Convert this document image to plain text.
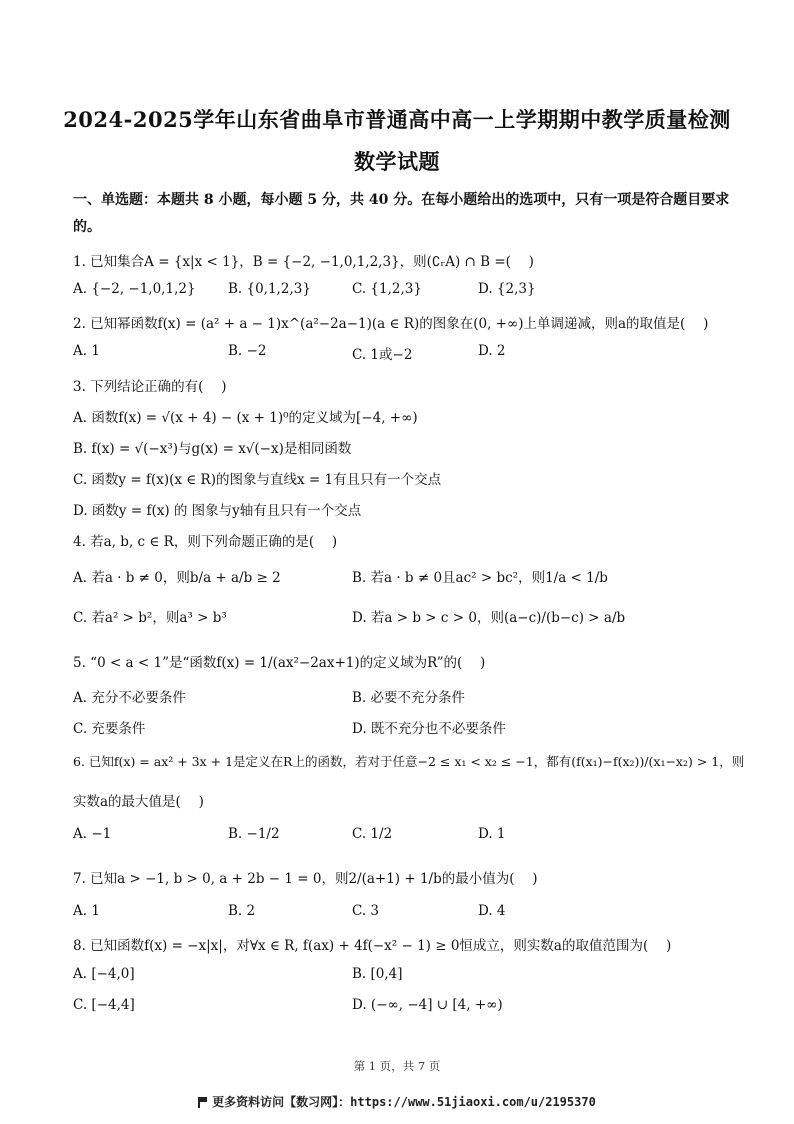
2024-2025学年山东省曲阜市普通高中高一上学期期中教学质量检测
数学试题
一、单选题：本题共 8 小题，每小题 5 分，共 40 分。在每小题给出的选项中，只有一项是符合题目要求
的。
1. 已知集合A = {x|x < 1}，B = {−2, −1,0,1,2,3}，则(∁ᵣA) ∩ B =(　 )
A. {−2, −1,0,1,2} B. {0,1,2,3}	C. {1,2,3}	D. {2,3}
2. 已知幂函数f(x) = (a² + a − 1)x^(a²−2a−1)(a ∈ R)的图象在(0, +∞)上单调递减，则a的取值是(　 )
A. 1	B. −2	C. 1或−2	D. 2
3. 下列结论正确的有(　 )
A. 函数f(x) = √(x + 4) − (x + 1)⁰的定义域为[−4, +∞)
B. f(x) = √(−x³)与g(x) = x√(−x)是相同函数
C. 函数y = f(x)(x ∈ R)的图象与直线x = 1有且只有一个交点
D. 函数y = f(x) 的 图象与y轴有且只有一个交点
4. 若a, b, c ∈ R，则下列命题正确的是(　 )
A. 若a · b ≠ 0，则b/a + a/b ≥ 2	B. 若a · b ≠ 0且ac² > bc²，则1/a < 1/b
C. 若a² > b²，则a³ > b³	D. 若a > b > c > 0，则(a−c)/(b−c) > a/b
5. “0 < a < 1”是“函数f(x) = 1/(ax²−2ax+1)的定义域为R”的(　 )
A. 充分不必要条件	B. 必要不充分条件
C. 充要条件	D. 既不充分也不必要条件
6. 已知f(x) = ax² + 3x + 1是定义在R上的函数，若对于任意−2 ≤ x₁ < x₂ ≤ −1，都有(f(x₁)−f(x₂))/(x₁−x₂) > 1，则
实数a的最大值是(　 )
A. −1	B. −1/2	C. 1/2	D. 1
7. 已知a > −1, b > 0, a + 2b − 1 = 0，则2/(a+1) + 1/b的最小值为(　 )
A. 1	B. 2	C. 3	D. 4
8. 已知函数f(x) = −x|x|，对∀x ∈ R, f(ax) + 4f(−x² − 1) ≥ 0恒成立，则实数a的取值范围为(　 )
A. [−4,0]	B. [0,4]
C. [−4,4]	D. (−∞, −4] ∪ [4, +∞)
第 1 页，共 7 页
更多资料访问【数习网】：https://www.51jiaoxi.com/u/2195370
